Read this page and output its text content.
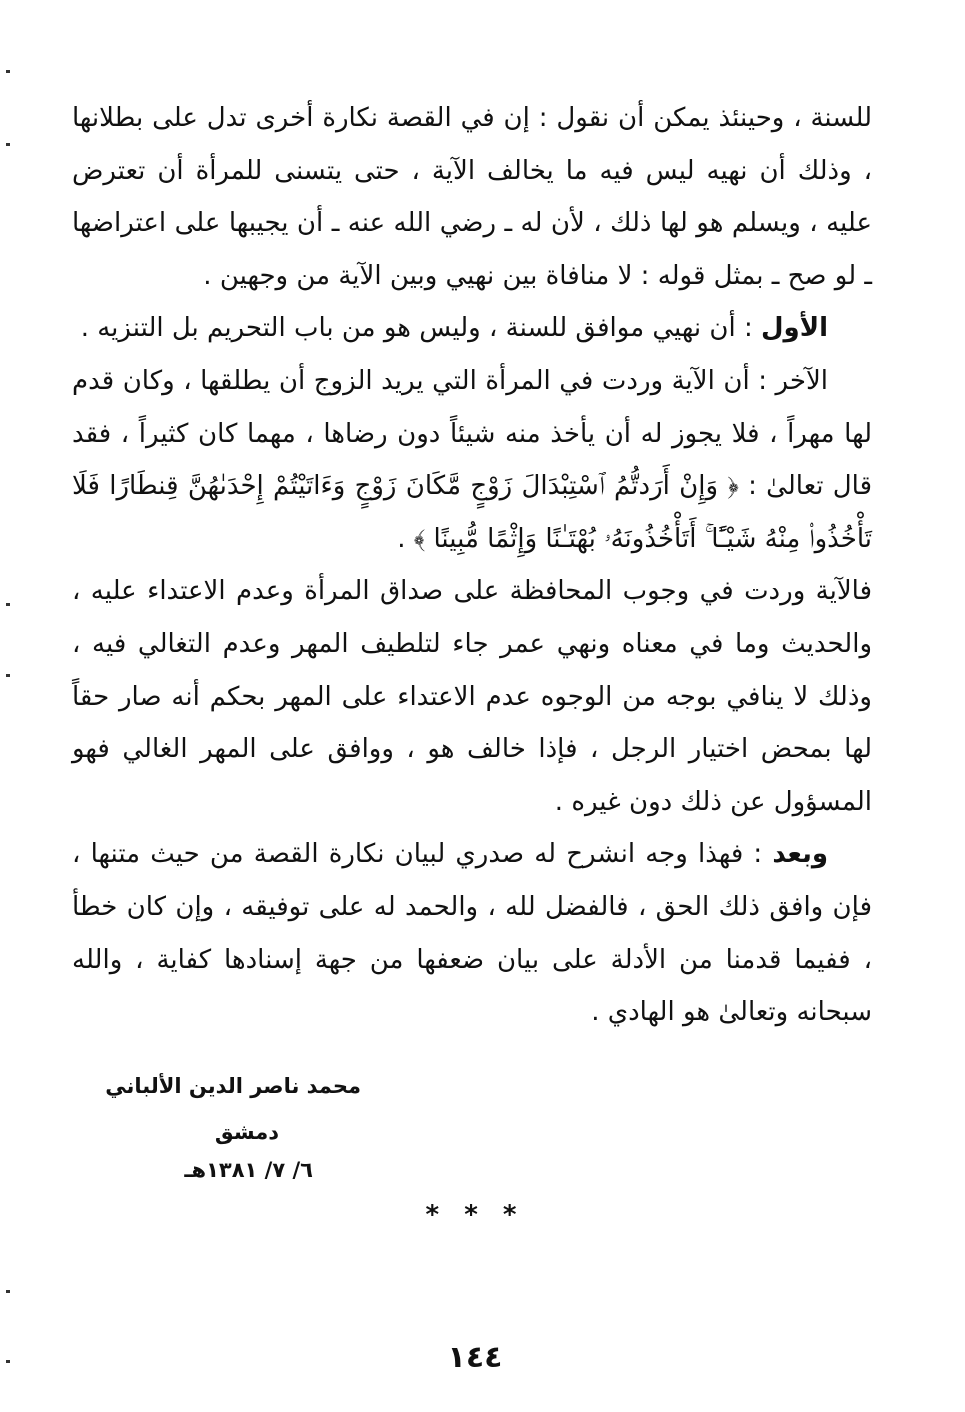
للسنة ، وحينئذ يمكن أن نقول : إن في القصة نكارة أخرى تدل على بطلانها ، وذلك أن نهيه ليس فيه ما يخالف الآية ، حتى يتسنى للمرأة أن تعترض عليه ، ويسلم هو لها ذلك ، لأن له ـ رضي الله عنه ـ أن يجيبها على اعتراضها ـ لو صح ـ بمثل قوله : لا منافاة بين نهيي وبين الآية من وجهين .

الأول : أن نهيي موافق للسنة ، وليس هو من باب التحريم بل التنزيه .

الآخر : أن الآية وردت في المرأة التي يريد الزوج أن يطلقها ، وكان قدم لها مهراً ، فلا يجوز له أن يأخذ منه شيئاً دون رضاها ، مهما كان كثيراً ، فقد قال تعالىٰ : ﴿ وَإِنْ أَرَدتُّمُ ٱسْتِبْدَالَ زَوْجٍ مَّكَانَ زَوْجٍ وَءَاتَيْتُمْ إِحْدَىٰهُنَّ قِنطَارًا فَلَا تَأْخُذُوا۟ مِنْهُ شَيْـًٔا ۚ أَتَأْخُذُونَهُۥ بُهْتَـٰنًا وَإِثْمًا مُّبِينًا ﴾ .

فالآية وردت في وجوب المحافظة على صداق المرأة وعدم الاعتداء عليه ، والحديث وما في معناه ونهي عمر جاء لتلطيف المهر وعدم التغالي فيه ، وذلك لا ينافي بوجه من الوجوه عدم الاعتداء على المهر بحكم أنه صار حقاً لها بمحض اختيار الرجل ، فإذا خالف هو ، ووافق على المهر الغالي فهو المسؤول عن ذلك دون غيره .

وبعد : فهذا وجه انشرح له صدري لبيان نكارة القصة من حيث متنها ، فإن وافق ذلك الحق ، فالفضل لله ، والحمد له على توفيقه ، وإن كان خطأ ، ففيما قدمنا من الأدلة على بيان ضعفها من جهة إسنادها كفاية ، والله سبحانه وتعالىٰ هو الهادي .

محمد ناصر الدين الألباني
دمشق
٦/ ٧/ ١٣٨١هـ
* * *
١٤٤
